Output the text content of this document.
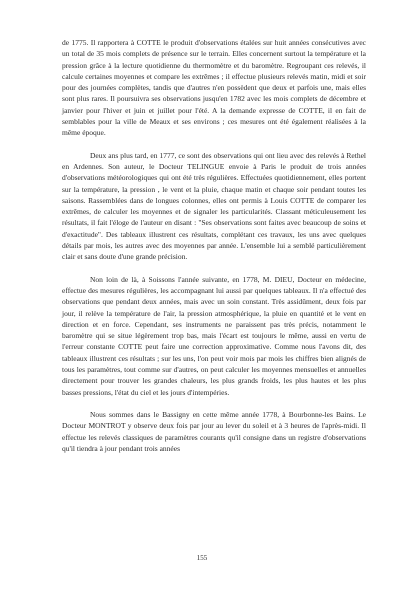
de 1775. Il rapportera à COTTE le produit d'observations étalées sur huit années consécutives avec un total de 35 mois complets de présence sur le terrain. Elles concernent surtout la température et la pression grâce à la lecture quotidienne du thermomètre et du baromètre. Regroupant ces relevés, il calcule certaines moyennes et compare les extrêmes ; il effectue plusieurs relevés matin, midi et soir pour des journées complètes, tandis que d'autres n'en possèdent que deux et parfois une, mais elles sont plus rares. Il poursuivra ses observations jusqu'en 1782 avec les mois complets de décembre et janvier pour l'hiver et juin et juillet pour l'été. A la demande expresse de COTTE, il en fait de semblables pour la ville de Meaux et ses environs ; ces mesures ont été également réalisées à la même époque.

Deux ans plus tard, en 1777, ce sont des observations qui ont lieu avec des relevés à Rethel en Ardennes. Son auteur, le Docteur TELINGUE envoie à Paris le produit de trois années d'observations météorologiques qui ont été très régulières. Effectuées quotidiennement, elles portent sur la température, la pression , le vent et la pluie, chaque matin et chaque soir pendant toutes les saisons. Rassemblées dans de longues colonnes, elles ont permis à Louis COTTE de comparer les extrêmes, de calculer les moyennes et de signaler les particularités. Classant méticuleusement les résultats, il fait l'éloge de l'auteur en disant : "Ses observations sont faites avec beaucoup de soins et d'exactitude". Des tableaux illustrent ces résultats, complétant ces travaux, les uns avec quelques détails par mois, les autres avec des moyennes par année. L'ensemble lui a semblé particulièrement clair et sans doute d'une grande précision.

Non loin de là, à Soissons l'année suivante, en 1778, M. DIEU, Docteur en médecine, effectue des mesures régulières, les accompagnant lui aussi par quelques tableaux. Il n'a effectué des observations que pendant deux années, mais avec un soin constant. Très assidûment, deux fois par jour, il relève la température de l'air, la pression atmosphérique, la pluie en quantité et le vent en direction et en force. Cependant, ses instruments ne paraissent pas très précis, notamment le baromètre qui se situe légèrement trop bas, mais l'écart est toujours le même, aussi en vertu de l'erreur constante COTTE peut faire une correction approximative. Comme nous l'avons dit, des tableaux illustrent ces résultats ; sur les uns, l'on peut voir mois par mois les chiffres bien alignés de tous les paramètres, tout comme sur d'autres, on peut calculer les moyennes mensuelles et annuelles directement pour trouver les grandes chaleurs, les plus grands froids, les plus hautes et les plus basses pressions, l'état du ciel et les jours d'intempéries.

Nous sommes dans le Bassigny en cette même année 1778, à Bourbonne-les Bains. Le Docteur MONTROT y observe deux fois par jour au lever du soleil et à 3 heures de l'après-midi. Il effectue les relevés classiques de paramètres courants qu'il consigne dans un registre d'observations qu'il tiendra à jour pendant trois années

155
